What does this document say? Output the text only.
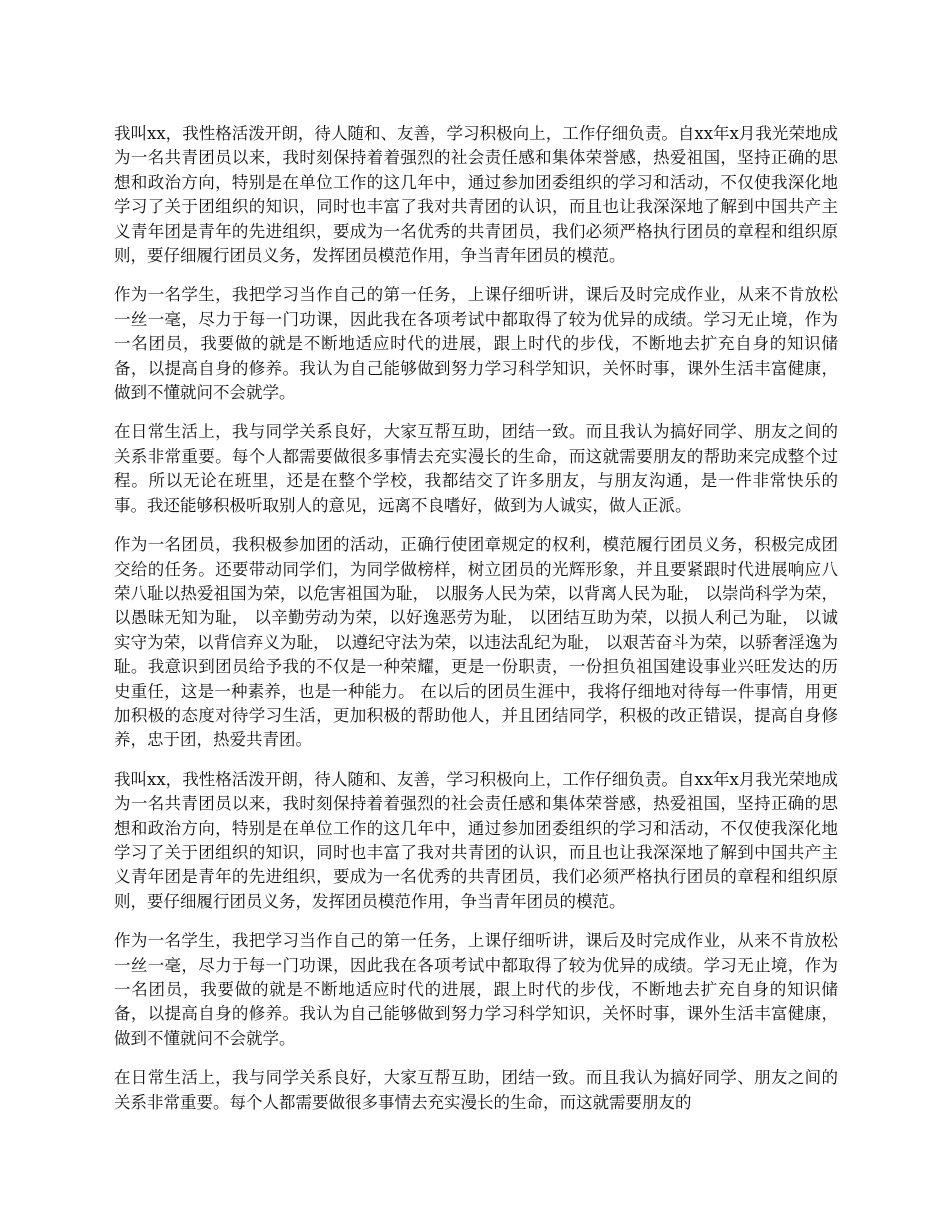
我叫xx，我性格活泼开朗，待人随和、友善，学习积极向上，工作仔细负责。自xx年x月我光荣地成为一名共青团员以来，我时刻保持着着强烈的社会责任感和集体荣誉感，热爱祖国，坚持正确的思想和政治方向，特别是在单位工作的这几年中，通过参加团委组织的学习和活动，不仅使我深化地学习了关于团组织的知识，同时也丰富了我对共青团的认识，而且也让我深深地了解到中国共产主义青年团是青年的先进组织，要成为一名优秀的共青团员，我们必须严格执行团员的章程和组织原则，要仔细履行团员义务，发挥团员模范作用，争当青年团员的模范。

作为一名学生，我把学习当作自己的第一任务，上课仔细听讲，课后及时完成作业，从来不肯放松一丝一毫，尽力于每一门功课，因此我在各项考试中都取得了较为优异的成绩。学习无止境，作为一名团员，我要做的就是不断地适应时代的进展，跟上时代的步伐，不断地去扩充自身的知识储备，以提高自身的修养。我认为自己能够做到努力学习科学知识，关怀时事，课外生活丰富健康，做到不懂就问不会就学。

在日常生活上，我与同学关系良好，大家互帮互助，团结一致。而且我认为搞好同学、朋友之间的关系非常重要。每个人都需要做很多事情去充实漫长的生命，而这就需要朋友的帮助来完成整个过程。所以无论在班里，还是在整个学校，我都结交了许多朋友，与朋友沟通，是一件非常快乐的事。我还能够积极听取别人的意见，远离不良嗜好，做到为人诚实，做人正派。

作为一名团员，我积极参加团的活动，正确行使团章规定的权利，模范履行团员义务，积极完成团交给的任务。还要带动同学们，为同学做榜样，树立团员的光辉形象，并且要紧跟时代进展响应八荣八耻以热爱祖国为荣，以危害祖国为耻， 以服务人民为荣，以背离人民为耻， 以崇尚科学为荣，以愚昧无知为耻， 以辛勤劳动为荣，以好逸恶劳为耻， 以团结互助为荣，以损人利己为耻， 以诚实守为荣，以背信弃义为耻， 以遵纪守法为荣，以违法乱纪为耻， 以艰苦奋斗为荣，以骄奢淫逸为耻。我意识到团员给予我的不仅是一种荣耀，更是一份职责，一份担负祖国建设事业兴旺发达的历史重任，这是一种素养，也是一种能力。 在以后的团员生涯中，我将仔细地对待每一件事情，用更加积极的态度对待学习生活，更加积极的帮助他人，并且团结同学，积极的改正错误，提高自身修养，忠于团，热爱共青团。

我叫xx，我性格活泼开朗，待人随和、友善，学习积极向上，工作仔细负责。自xx年x月我光荣地成为一名共青团员以来，我时刻保持着着强烈的社会责任感和集体荣誉感，热爱祖国，坚持正确的思想和政治方向，特别是在单位工作的这几年中，通过参加团委组织的学习和活动，不仅使我深化地学习了关于团组织的知识，同时也丰富了我对共青团的认识，而且也让我深深地了解到中国共产主义青年团是青年的先进组织，要成为一名优秀的共青团员，我们必须严格执行团员的章程和组织原则，要仔细履行团员义务，发挥团员模范作用，争当青年团员的模范。

作为一名学生，我把学习当作自己的第一任务，上课仔细听讲，课后及时完成作业，从来不肯放松一丝一毫，尽力于每一门功课，因此我在各项考试中都取得了较为优异的成绩。学习无止境，作为一名团员，我要做的就是不断地适应时代的进展，跟上时代的步伐，不断地去扩充自身的知识储备，以提高自身的修养。我认为自己能够做到努力学习科学知识，关怀时事，课外生活丰富健康，做到不懂就问不会就学。

在日常生活上，我与同学关系良好，大家互帮互助，团结一致。而且我认为搞好同学、朋友之间的关系非常重要。每个人都需要做很多事情去充实漫长的生命，而这就需要朋友的
